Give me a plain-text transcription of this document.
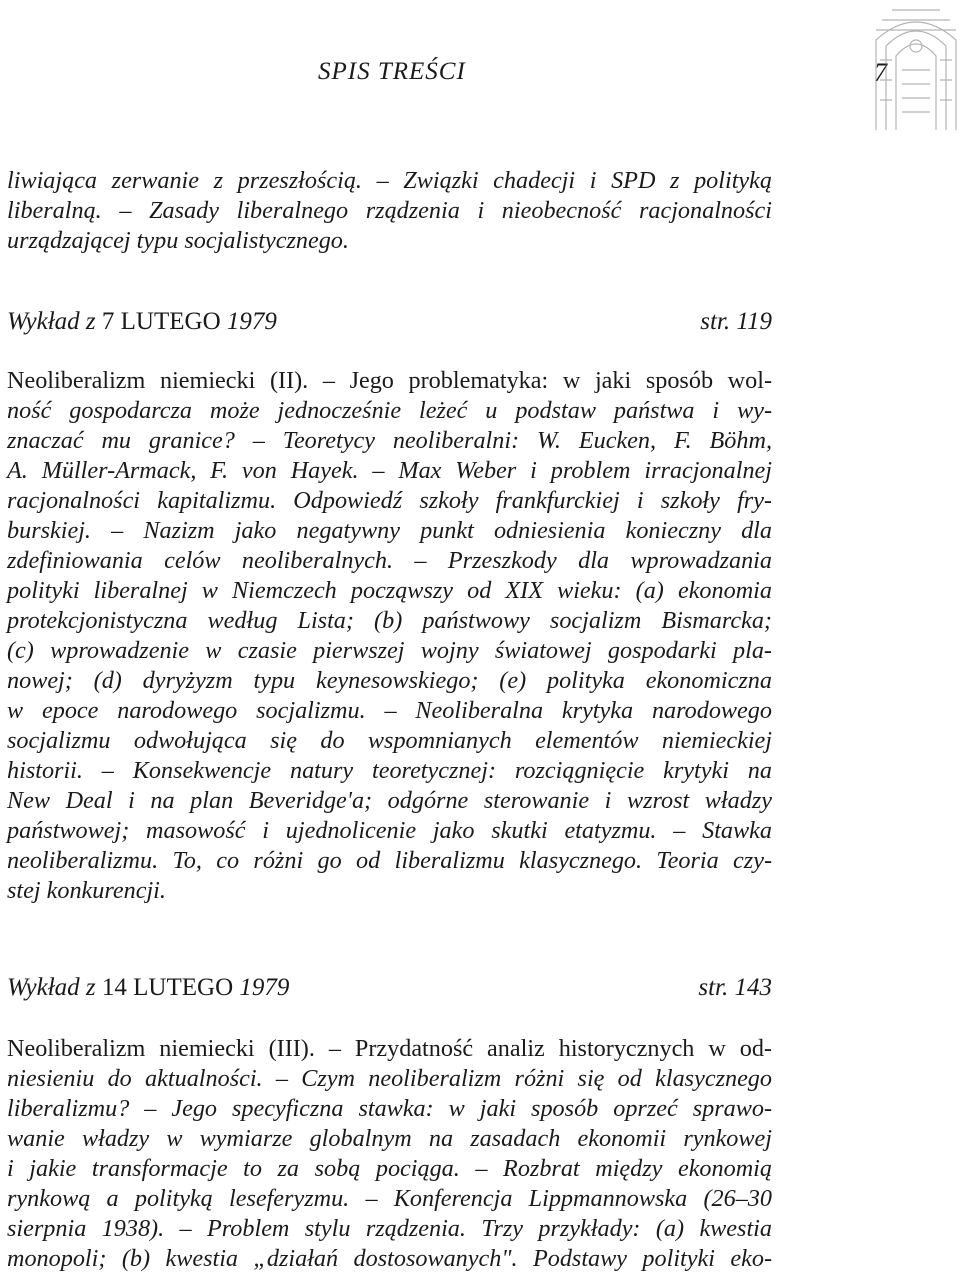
SPIS TREŚCI	7

liwiająca zerwanie z przeszłością. – Związki chadecji i SPD z polityką

liberalną. – Zasady liberalnego rządzenia i nieobecność racjonalności

urządzającej typu socjalistycznego.

Wykład z 7 LUTEGO 1979	str. 119

Neoliberalizm niemiecki (II). – Jego problematyka: w jaki sposób wol-

ność gospodarcza może jednocześnie leżeć u podstaw państwa i wy-

znaczać mu granice? – Teoretycy neoliberalni: W. Eucken, F. Böhm,

A. Müller-Armack, F. von Hayek. – Max Weber i problem irracjonalnej

racjonalności kapitalizmu. Odpowiedź szkoły frankfurckiej i szkoły fry-

burskiej. – Nazizm jako negatywny punkt odniesienia konieczny dla

zdefiniowania celów neoliberalnych. – Przeszkody dla wprowadzania

polityki liberalnej w Niemczech począwszy od XIX wieku: (a) ekonomia

protekcjonistyczna według Lista; (b) państwowy socjalizm Bismarcka;

(c) wprowadzenie w czasie pierwszej wojny światowej gospodarki pla-

nowej; (d) dyryżyzm typu keynesowskiego; (e) polityka ekonomiczna

w epoce narodowego socjalizmu. – Neoliberalna krytyka narodowego

socjalizmu odwołująca się do wspomnianych elementów niemieckiej

historii. – Konsekwencje natury teoretycznej: rozciągnięcie krytyki na

New Deal i na plan Beveridge'a; odgórne sterowanie i wzrost władzy

państwowej; masowość i ujednolicenie jako skutki etatyzmu. – Stawka

neoliberalizmu. To, co różni go od liberalizmu klasycznego. Teoria czy-

stej konkurencji.

Wykład z 14 LUTEGO 1979	str. 143

Neoliberalizm niemiecki (III). – Przydatność analiz historycznych w od-

niesieniu do aktualności. – Czym neoliberalizm różni się od klasycznego

liberalizmu? – Jego specyficzna stawka: w jaki sposób oprzeć sprawo-

wanie władzy w wymiarze globalnym na zasadach ekonomii rynkowej

i jakie transformacje to za sobą pociąga. – Rozbrat między ekonomią

rynkową a polityką leseferyzmu. – Konferencja Lippmannowska (26–30

sierpnia 1938). – Problem stylu rządzenia. Trzy przykłady: (a) kwestia

monopoli; (b) kwestia „działań dostosowanych". Podstawy polityki eko-
